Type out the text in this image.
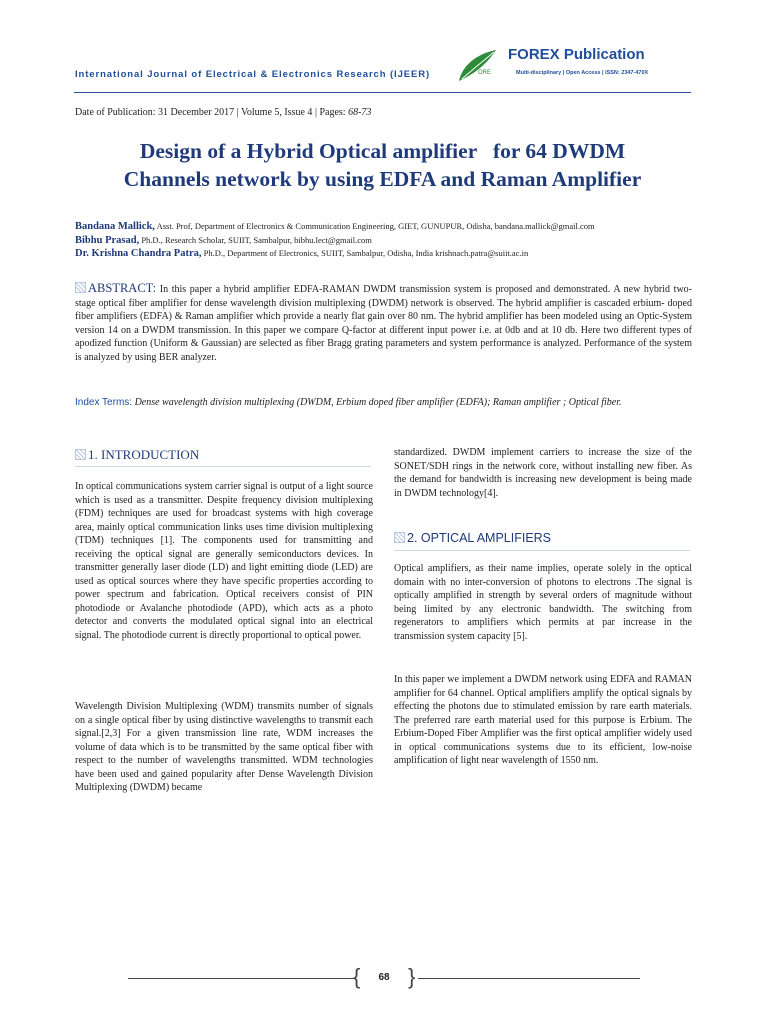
International Journal of Electrical & Electronics Research (IJEER)	ORE
FOREX Publication
Multi-disciplinary | Open Access | ISSN: 2347-470X
Date of Publication: 31 December 2017 | Volume 5, Issue 4 | Pages: 68-73
Design of a Hybrid Optical amplifier   for 64 DWDM
Channels network by using EDFA and Raman Amplifier
Bandana Mallick, Asst. Prof, Department of Electronics & Communication Engineering, GIET, GUNUPUR, Odisha, bandana.mallick@gmail.com
Bibhu Prasad, Ph.D., Research Scholar, SUIIT, Sambalpur, bibhu.lect@gmail.com
Dr. Krishna Chandra Patra, Ph.D., Department of Electronics, SUIIT, Sambalpur, Odisha, India krishnach.patra@suiit.ac.in
ABSTRACT: In this paper a hybrid amplifier EDFA-RAMAN DWDM transmission system is proposed and demonstrated. A new hybrid two-stage optical fiber amplifier for dense wavelength division multiplexing (DWDM) network is observed. The hybrid amplifier is cascaded erbium- doped fiber amplifiers (EDFA) & Raman amplifier which provide a nearly flat gain over 80 nm. The hybrid amplifier has been modeled using an Optic-System version 14 on a DWDM transmission. In this paper we compare Q-factor at different input power i.e. at 0db and at 10 db. Here two different types of apodized function (Uniform & Gaussian) are selected as fiber Bragg grating parameters and system performance is analyzed. Performance of the system is analyzed by using BER analyzer.
Index Terms: Dense wavelength division multiplexing (DWDM, Erbium doped fiber amplifier (EDFA); Raman amplifier ; Optical fiber.
1. INTRODUCTION
In optical communications system carrier signal is output of a light source which is used as a transmitter. Despite frequency division multiplexing (FDM) techniques are used for broadcast systems with high coverage area, mainly optical communication links uses time division multiplexing (TDM) techniques [1]. The components used for transmitting and receiving the optical signal are generally semiconductors devices. In transmitter generally laser diode (LD) and light emitting diode (LED) are used as optical sources where they have specific properties according to power spectrum and fabrication. Optical receivers consist of PIN photodiode or Avalanche photodiode (APD), which acts as a photo detector and converts the modulated optical signal into an electrical signal. The photodiode current is directly proportional to optical power.
Wavelength Division Multiplexing (WDM) transmits number of signals on a single optical fiber by using distinctive wavelengths to transmit each signal.[2,3] For a given transmission line rate, WDM increases the volume of data which is to be transmitted by the same optical fiber with respect to the number of wavelengths transmitted. WDM technologies have been used and gained popularity after Dense Wavelength Division Multiplexing (DWDM) became
standardized. DWDM implement carriers to increase the size of the SONET/SDH rings in the network core, without installing new fiber. As the demand for bandwidth is increasing new development is being made in DWDM technology[4].
2. OPTICAL AMPLIFIERS
Optical amplifiers, as their name implies, operate solely in the optical domain with no inter-conversion of photons to electrons .The signal is optically amplified in strength by several orders of magnitude without being limited by any electronic bandwidth. The switching from regenerators to amplifiers which permits at par increase in the transmission system capacity [5].
In this paper we implement a DWDM network using EDFA and RAMAN amplifier for 64 channel. Optical amplifiers amplify the optical signals by effecting the photons due to stimulated emission by rare earth materials. The preferred rare earth material used for this purpose is Erbium. The Erbium-Doped Fiber Amplifier was the first optical amplifier widely used in optical communications systems due to its efficient, low-noise amplification of light near wavelength of 1550 nm.
{	68 }
